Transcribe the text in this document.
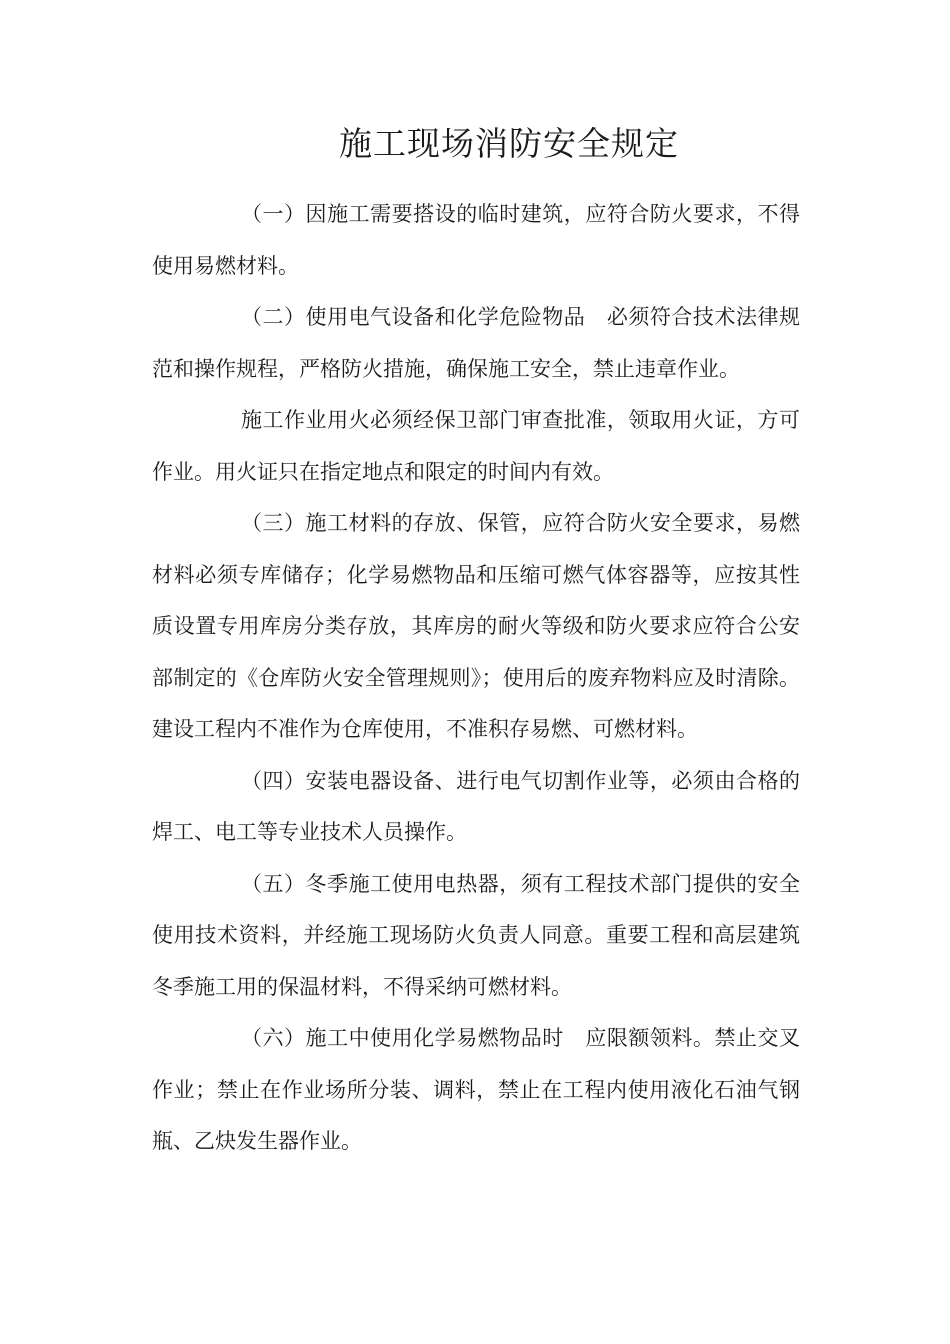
施工现场消防安全规定

（一）因施工需要搭设的临时建筑，应符合防火要求，不得使用易燃材料。

（二）使用电气设备和化学危险物品　必须符合技术法律规范和操作规程，严格防火措施，确保施工安全，禁止违章作业。

施工作业用火必须经保卫部门审查批准，领取用火证，方可作业。用火证只在指定地点和限定的时间内有效。

（三）施工材料的存放、保管，应符合防火安全要求，易燃材料必须专库储存；化学易燃物品和压缩可燃气体容器等，应按其性质设置专用库房分类存放，其库房的耐火等级和防火要求应符合公安部制定的《仓库防火安全管理规则》；使用后的废弃物料应及时清除。建设工程内不准作为仓库使用，不准积存易燃、可燃材料。

（四）安装电器设备、进行电气切割作业等，必须由合格的焊工、电工等专业技术人员操作。

（五）冬季施工使用电热器，须有工程技术部门提供的安全使用技术资料，并经施工现场防火负责人同意。重要工程和高层建筑冬季施工用的保温材料，不得采纳可燃材料。

（六）施工中使用化学易燃物品时　应限额领料。禁止交叉作业；禁止在作业场所分装、调料，禁止在工程内使用液化石油气钢瓶、乙炔发生器作业。
